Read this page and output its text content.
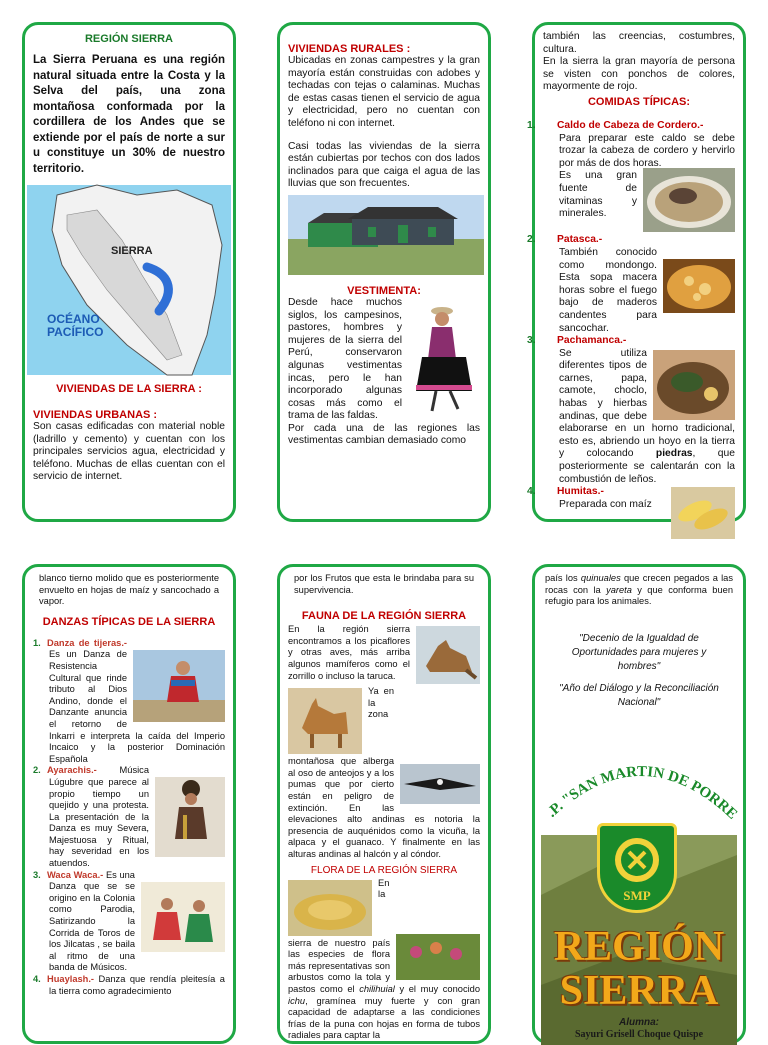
REGIÓN SIERRA
La Sierra Peruana es una región natural situada entre la Costa y la Selva del país, una zona montañosa conformada por la cordillera de los Andes que se extiende por el país de norte a sur u constituye un 30% de nuestro territorio.
SIERRA
OCÉANO PACÍFICO
VIVIENDAS DE LA SIERRA :
VIVIENDAS URBANAS :
Son casas edificadas con material noble (ladrillo y cemento) y cuentan con los principales servicios agua, electricidad y teléfono. Muchas de ellas cuentan con el servicio de internet.
VIVIENDAS RURALES :
Ubicadas en zonas campestres y la gran mayoría están construidas con adobes y techadas con tejas o calaminas. Muchas de estas casas tienen el servicio de agua y electricidad, pero no cuentan con teléfono ni con internet.
Casi todas las viviendas de la sierra están cubiertas por techos con dos lados inclinados para que caiga el agua de las lluvias que son frecuentes.
VESTIMENTA:
Desde hace muchos siglos, los campesinos, pastores, hombres y mujeres de la sierra del Perú, conservaron algunas vestimentas incas, pero le han incorporado algunas cosas más como el trama de las faldas.
Por cada una de las regiones las vestimentas cambian demasiado como
también las creencias, costumbres, cultura.
En la sierra la gran mayoría de persona se visten con ponchos de colores, mayormente de rojo.
COMIDAS TÍPICAS:
1. Caldo de Cabeza de Cordero.-
Para preparar este caldo se debe trozar la cabeza de cordero y hervirlo por más de dos horas.
Es una gran fuente de vitaminas y minerales.
2. Patasca.-

También conocido como mondongo. Esta sopa macera horas sobre el fuego bajo de maderos candentes para sancochar.
3. Pachamanca.-
Se utiliza diferentes tipos de carnes, papa, camote, choclo, habas y hierbas andinas, que debe elaborarse en un horno tradicional, esto es, abriendo un hoyo en la tierra y colocando piedras, que posteriormente se calentarán con la combustión de leños.
4. Humitas.-
Preparada con maíz
blanco tierno molido que es posteriormente envuelto en hojas de maíz y sancochado a vapor.
DANZAS TÍPICAS DE LA SIERRA
1. Danza de tijeras.- Es un Danza de Resistencia Cultural que rinde tributo al Dios Andino, donde el Danzante anuncia el retorno de Inkarri e interpreta la caída del Imperio Incaico y la posterior Dominación Española
2. Ayarachis.- Música Lúgubre que parece al propio tiempo un quejido y una protesta. La presentación de la Danza es muy Severa, Majestuosa y Ritual, hay severidad en los atuendos.
3. Waca Waca.- Es una Danza que se se origino en la Colonia como Parodia, Satirizando la Corrida de Toros de los Jilcatas , se baila al ritmo de una banda de Músicos.
4. Huaylash.- Danza que rendía pleitesía a la tierra como agradecimiento
por los Frutos que esta le brindaba para su supervivencia.
FAUNA DE LA REGIÓN SIERRA
En la región sierra encontramos a los picaflores y otras aves, más arriba algunos mamíferos como el zorrillo o incluso la taruca.
Ya en la zona montañosa que alberga al oso de anteojos y a los pumas que por cierto están en peligro de extinción. En las elevaciones alto andinas es notoria la presencia de auquénidos como la vicuña, la alpaca y el guanaco. Y finalmente en las alturas andinas al halcón y al cóndor.
FLORA DE LA REGIÓN SIERRA
En la sierra de nuestro país las especies de flora más representativas son arbustos como la tola y pastos como el chilihuial y el muy conocido ichu, gramínea muy fuerte y con gran capacidad de adaptarse a las condiciones frías de la puna con hojas en forma de tubos radiales para captar la
país los quinuales que crecen pegados a las rocas con la yareta y que conforma buen refugio para los animales.
"Decenio de la Igualdad de Oportunidades para mujeres y hombres"
"Año del Diálogo y la Reconciliación Nacional"
.P. "SAN MARTIN DE PORRE
SMP
REGIÓN
SIERRA
Alumna:
Sayuri Grisell Choque Quispe
